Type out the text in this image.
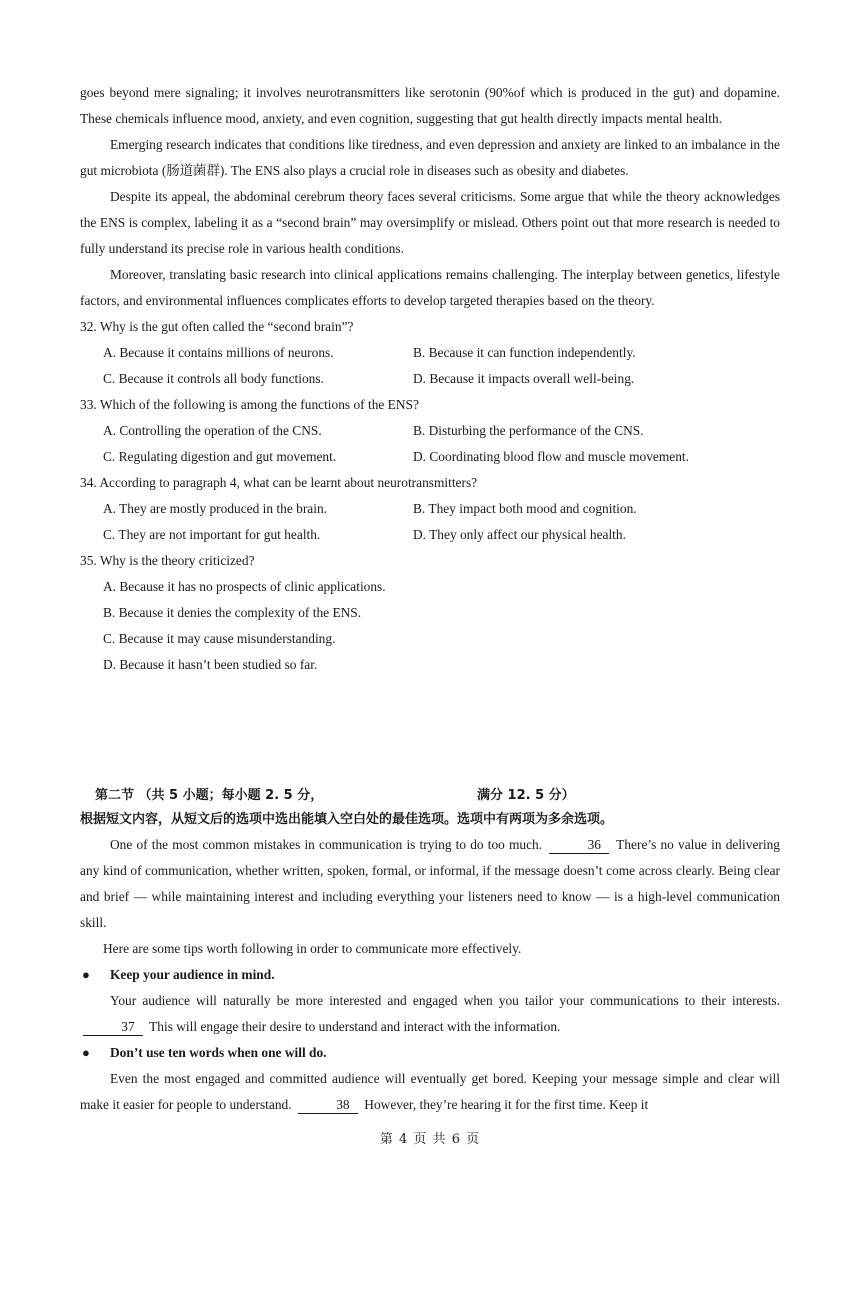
goes beyond mere signaling; it involves neurotransmitters like serotonin (90%of which is produced in the gut) and dopamine. These chemicals influence mood, anxiety, and even cognition, suggesting that gut health directly impacts mental health.

Emerging research indicates that conditions like tiredness, and even depression and anxiety are linked to an imbalance in the gut microbiota (肠道菌群). The ENS also plays a crucial role in diseases such as obesity and diabetes.

Despite its appeal, the abdominal cerebrum theory faces several criticisms. Some argue that while the theory acknowledges the ENS is complex, labeling it as a “second brain” may oversimplify or mislead. Others point out that more research is needed to fully understand its precise role in various health conditions.

Moreover, translating basic research into clinical applications remains challenging. The interplay between genetics, lifestyle factors, and environmental influences complicates efforts to develop targeted therapies based on the theory.

32. Why is the gut often called the “second brain”?

A. Because it contains millions of neurons.	B. Because it can function independently.
C. Because it controls all body functions.	D. Because it impacts overall well-being.

33. Which of the following is among the functions of the ENS?

A. Controlling the operation of the CNS.	B. Disturbing the performance of the CNS.
C. Regulating digestion and gut movement.	D. Coordinating blood flow and muscle movement.

34. According to paragraph 4, what can be learnt about neurotransmitters?

A. They are mostly produced in the brain.	B. They impact both mood and cognition.
C. They are not important for gut health.	D. They only affect our physical health.

35. Why is the theory criticized?

A. Because it has no prospects of clinic applications.
B. Because it denies the complexity of the ENS.
C. Because it may cause misunderstanding.
D. Because it hasn’t been studied so far.
第二节 （共 5 小题；每小题 2. 5 分，	满分 12. 5 分）
根据短文内容，从短文后的选项中选出能填入空白处的最佳选项。选项中有两项为多余选项。

One of the most common mistakes in communication is trying to do too much.	36 There’s no value in delivering any kind of communication, whether written, spoken, formal, or informal, if the message doesn’t come across clearly. Being clear and brief — while maintaining interest and including everything your listeners need to know — is a high-level communication skill.

Here are some tips worth following in order to communicate more effectively.

● Keep your audience in mind.

Your audience will naturally be more interested and engaged when you tailor your communications to their interests. 37 This will engage their desire to understand and interact with the information.

● Don’t use ten words when one will do.

Even the most engaged and committed audience will eventually get bored. Keeping your message simple and clear will make it easier for people to understand.	38 However, they’re hearing it for the first time. Keep it

第 4 页 共 6 页
